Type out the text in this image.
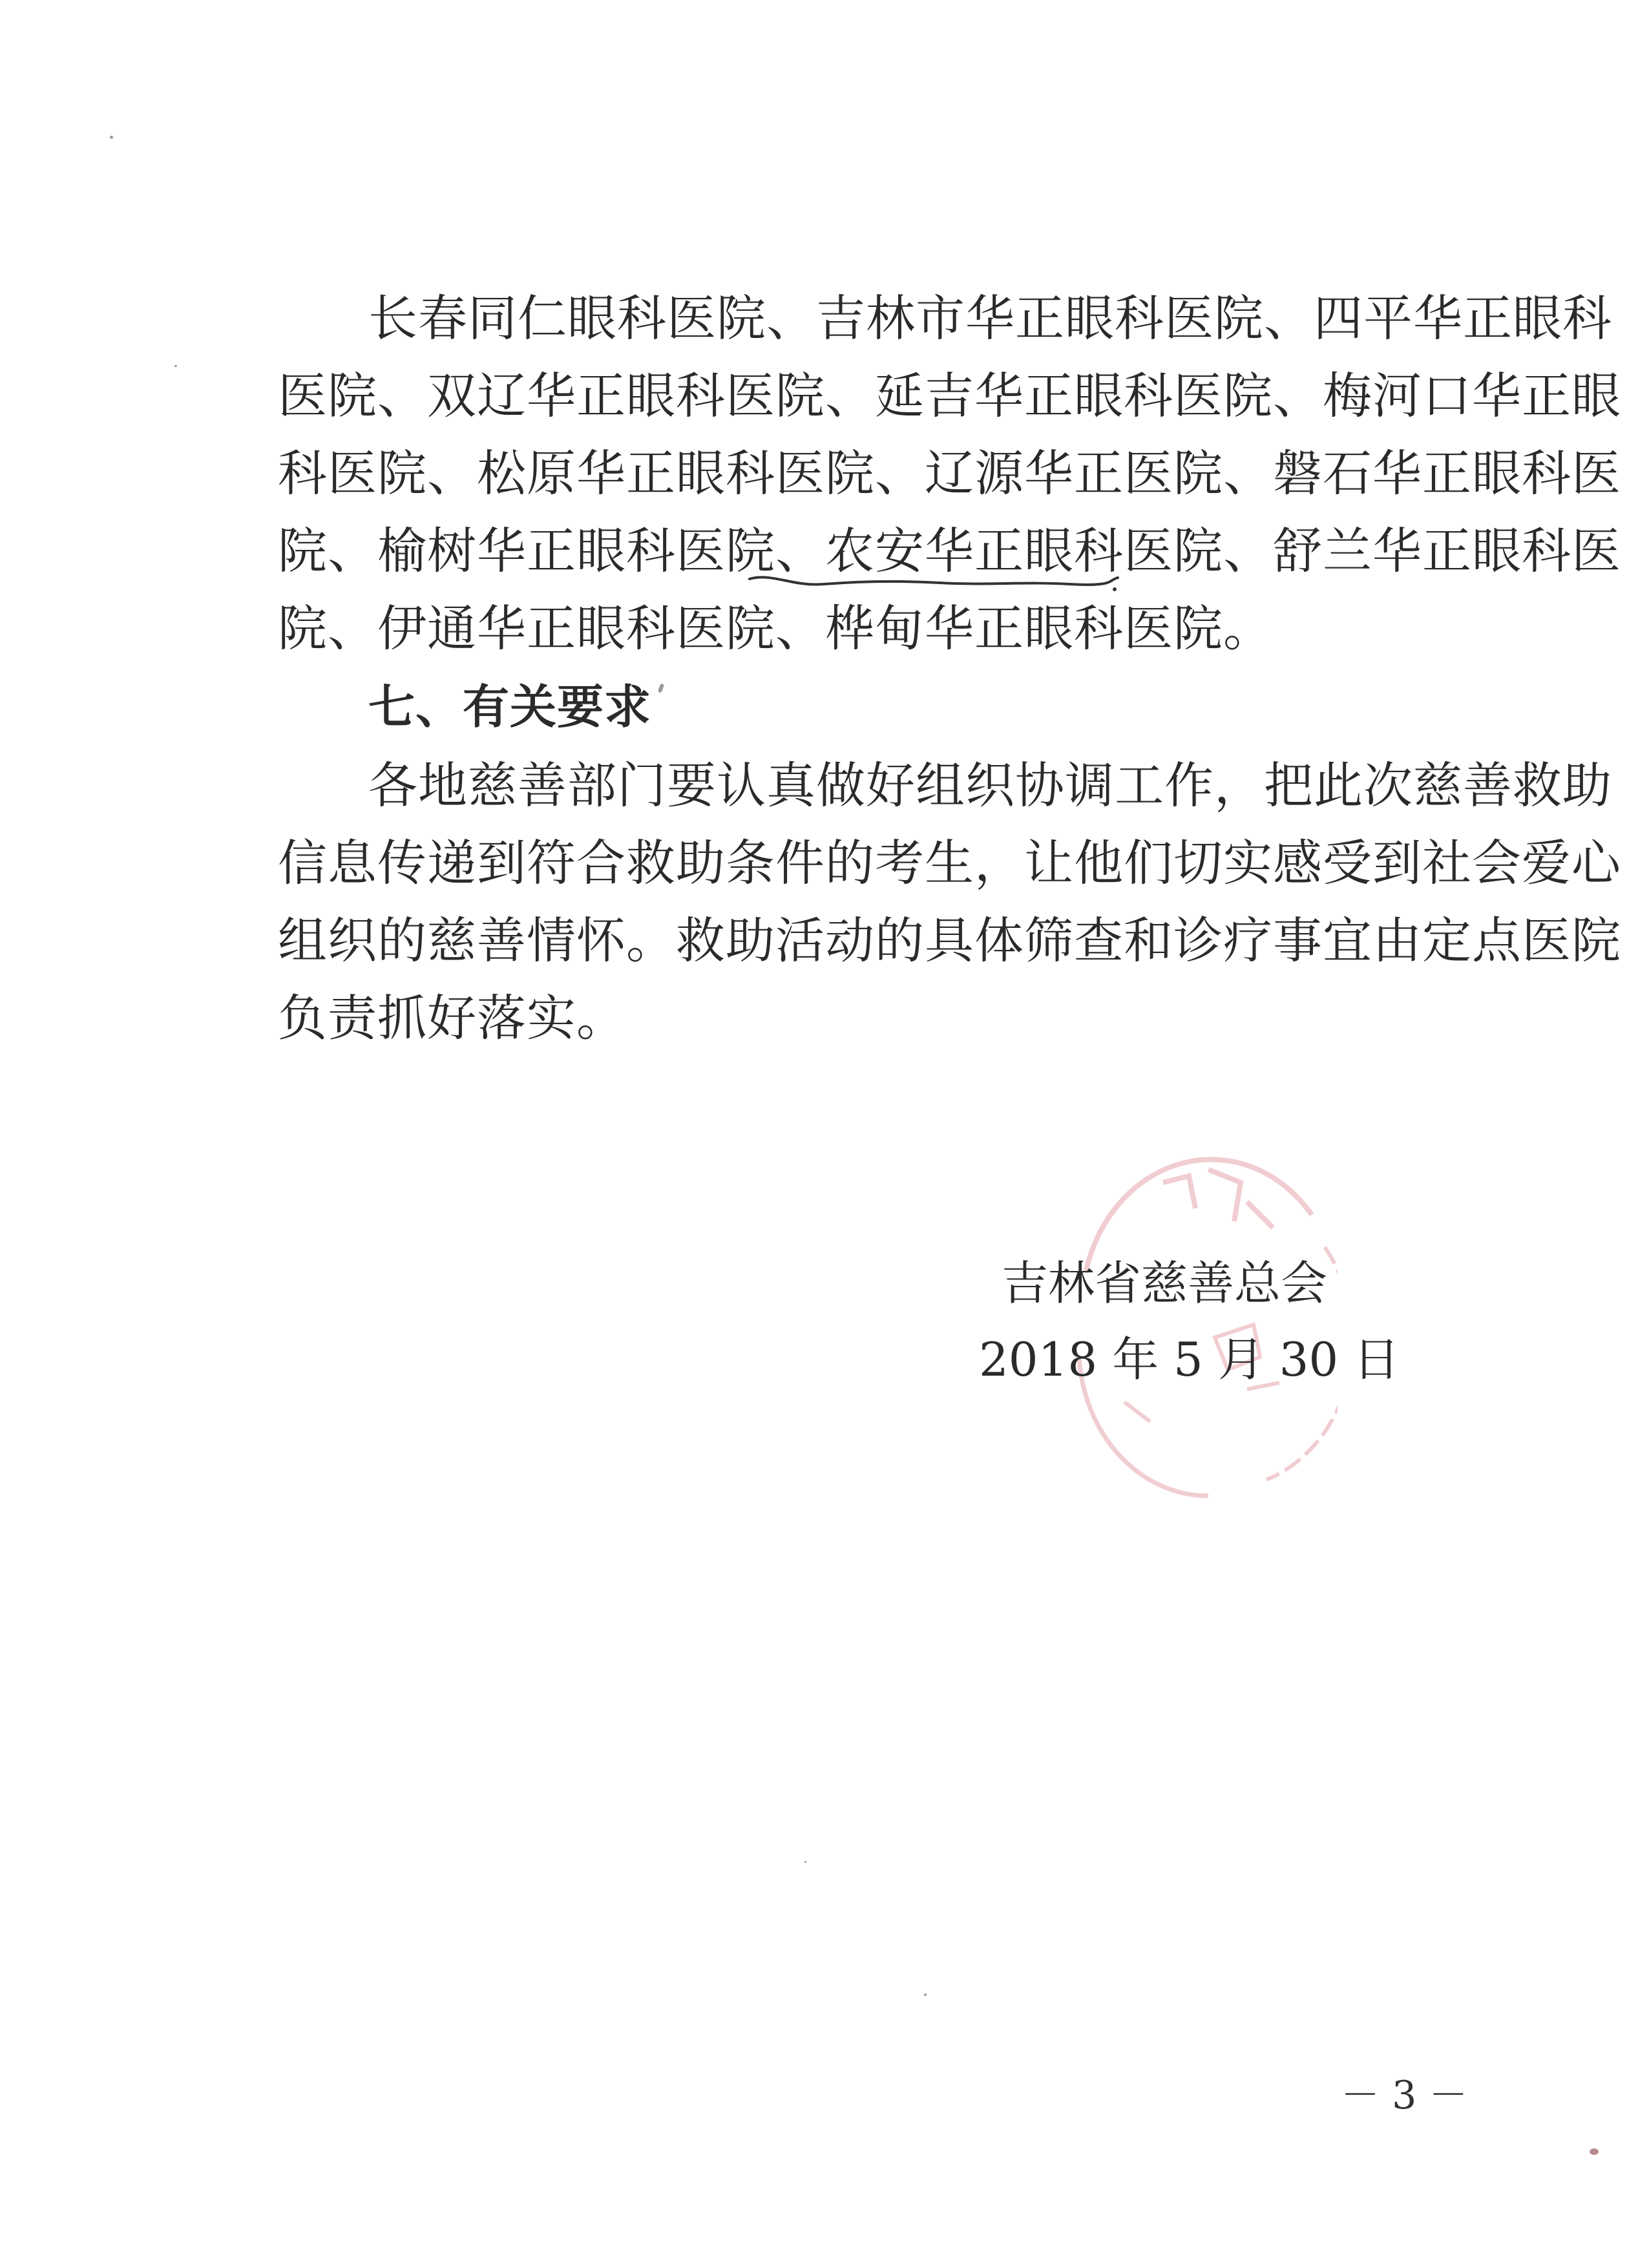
长春同仁眼科医院、吉林市华正眼科医院、四平华正眼科
医院、双辽华正眼科医院、延吉华正眼科医院、梅河口华正眼
科医院、松原华正眼科医院、辽源华正医院、磐石华正眼科医
院、榆树华正眼科医院、农安华正眼科医院、舒兰华正眼科医
院、伊通华正眼科医院、桦甸华正眼科医院。
七、有关要求
各地慈善部门要认真做好组织协调工作，把此次慈善救助
信息传递到符合救助条件的考生，让他们切实感受到社会爱心
组织的慈善情怀。救助活动的具体筛查和诊疗事宜由定点医院
负责抓好落实。
吉林省慈善总会
2018 年 5 月 30 日
－ 3 －
